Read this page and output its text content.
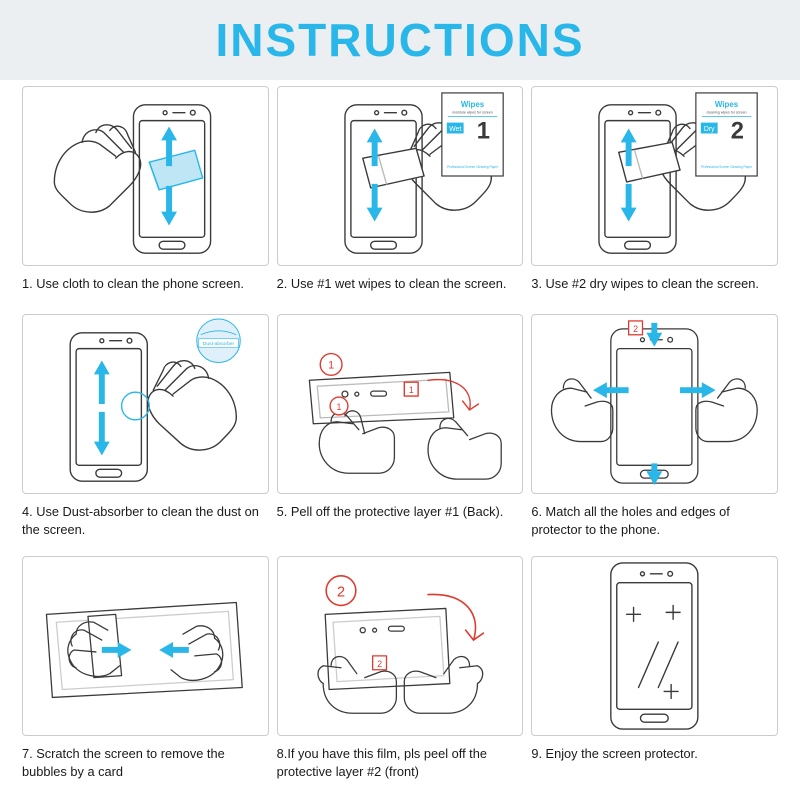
INSTRUCTIONS
1. Use cloth to clean the phone screen.
Wipes
moisture wipes for screen
Wet 1
Professional Screen Cleaning Paper
2. Use #1 wet wipes to clean the screen.
Wipes
cleaning wipes for screen
Dry 2
Professional Screen Cleaning Paper
3. Use #2 dry wipes to clean the screen.
Dust-absorber
4. Use Dust-absorber to clean the dust on the screen.
1
1
1
5. Pell off the protective layer #1 (Back).
2
6. Match all the holes and edges of protector to the phone.
7. Scratch the screen to remove the bubbles by a card
2
2
8.If you have this film, pls peel off the protective layer #2 (front)
9. Enjoy the screen protector.
